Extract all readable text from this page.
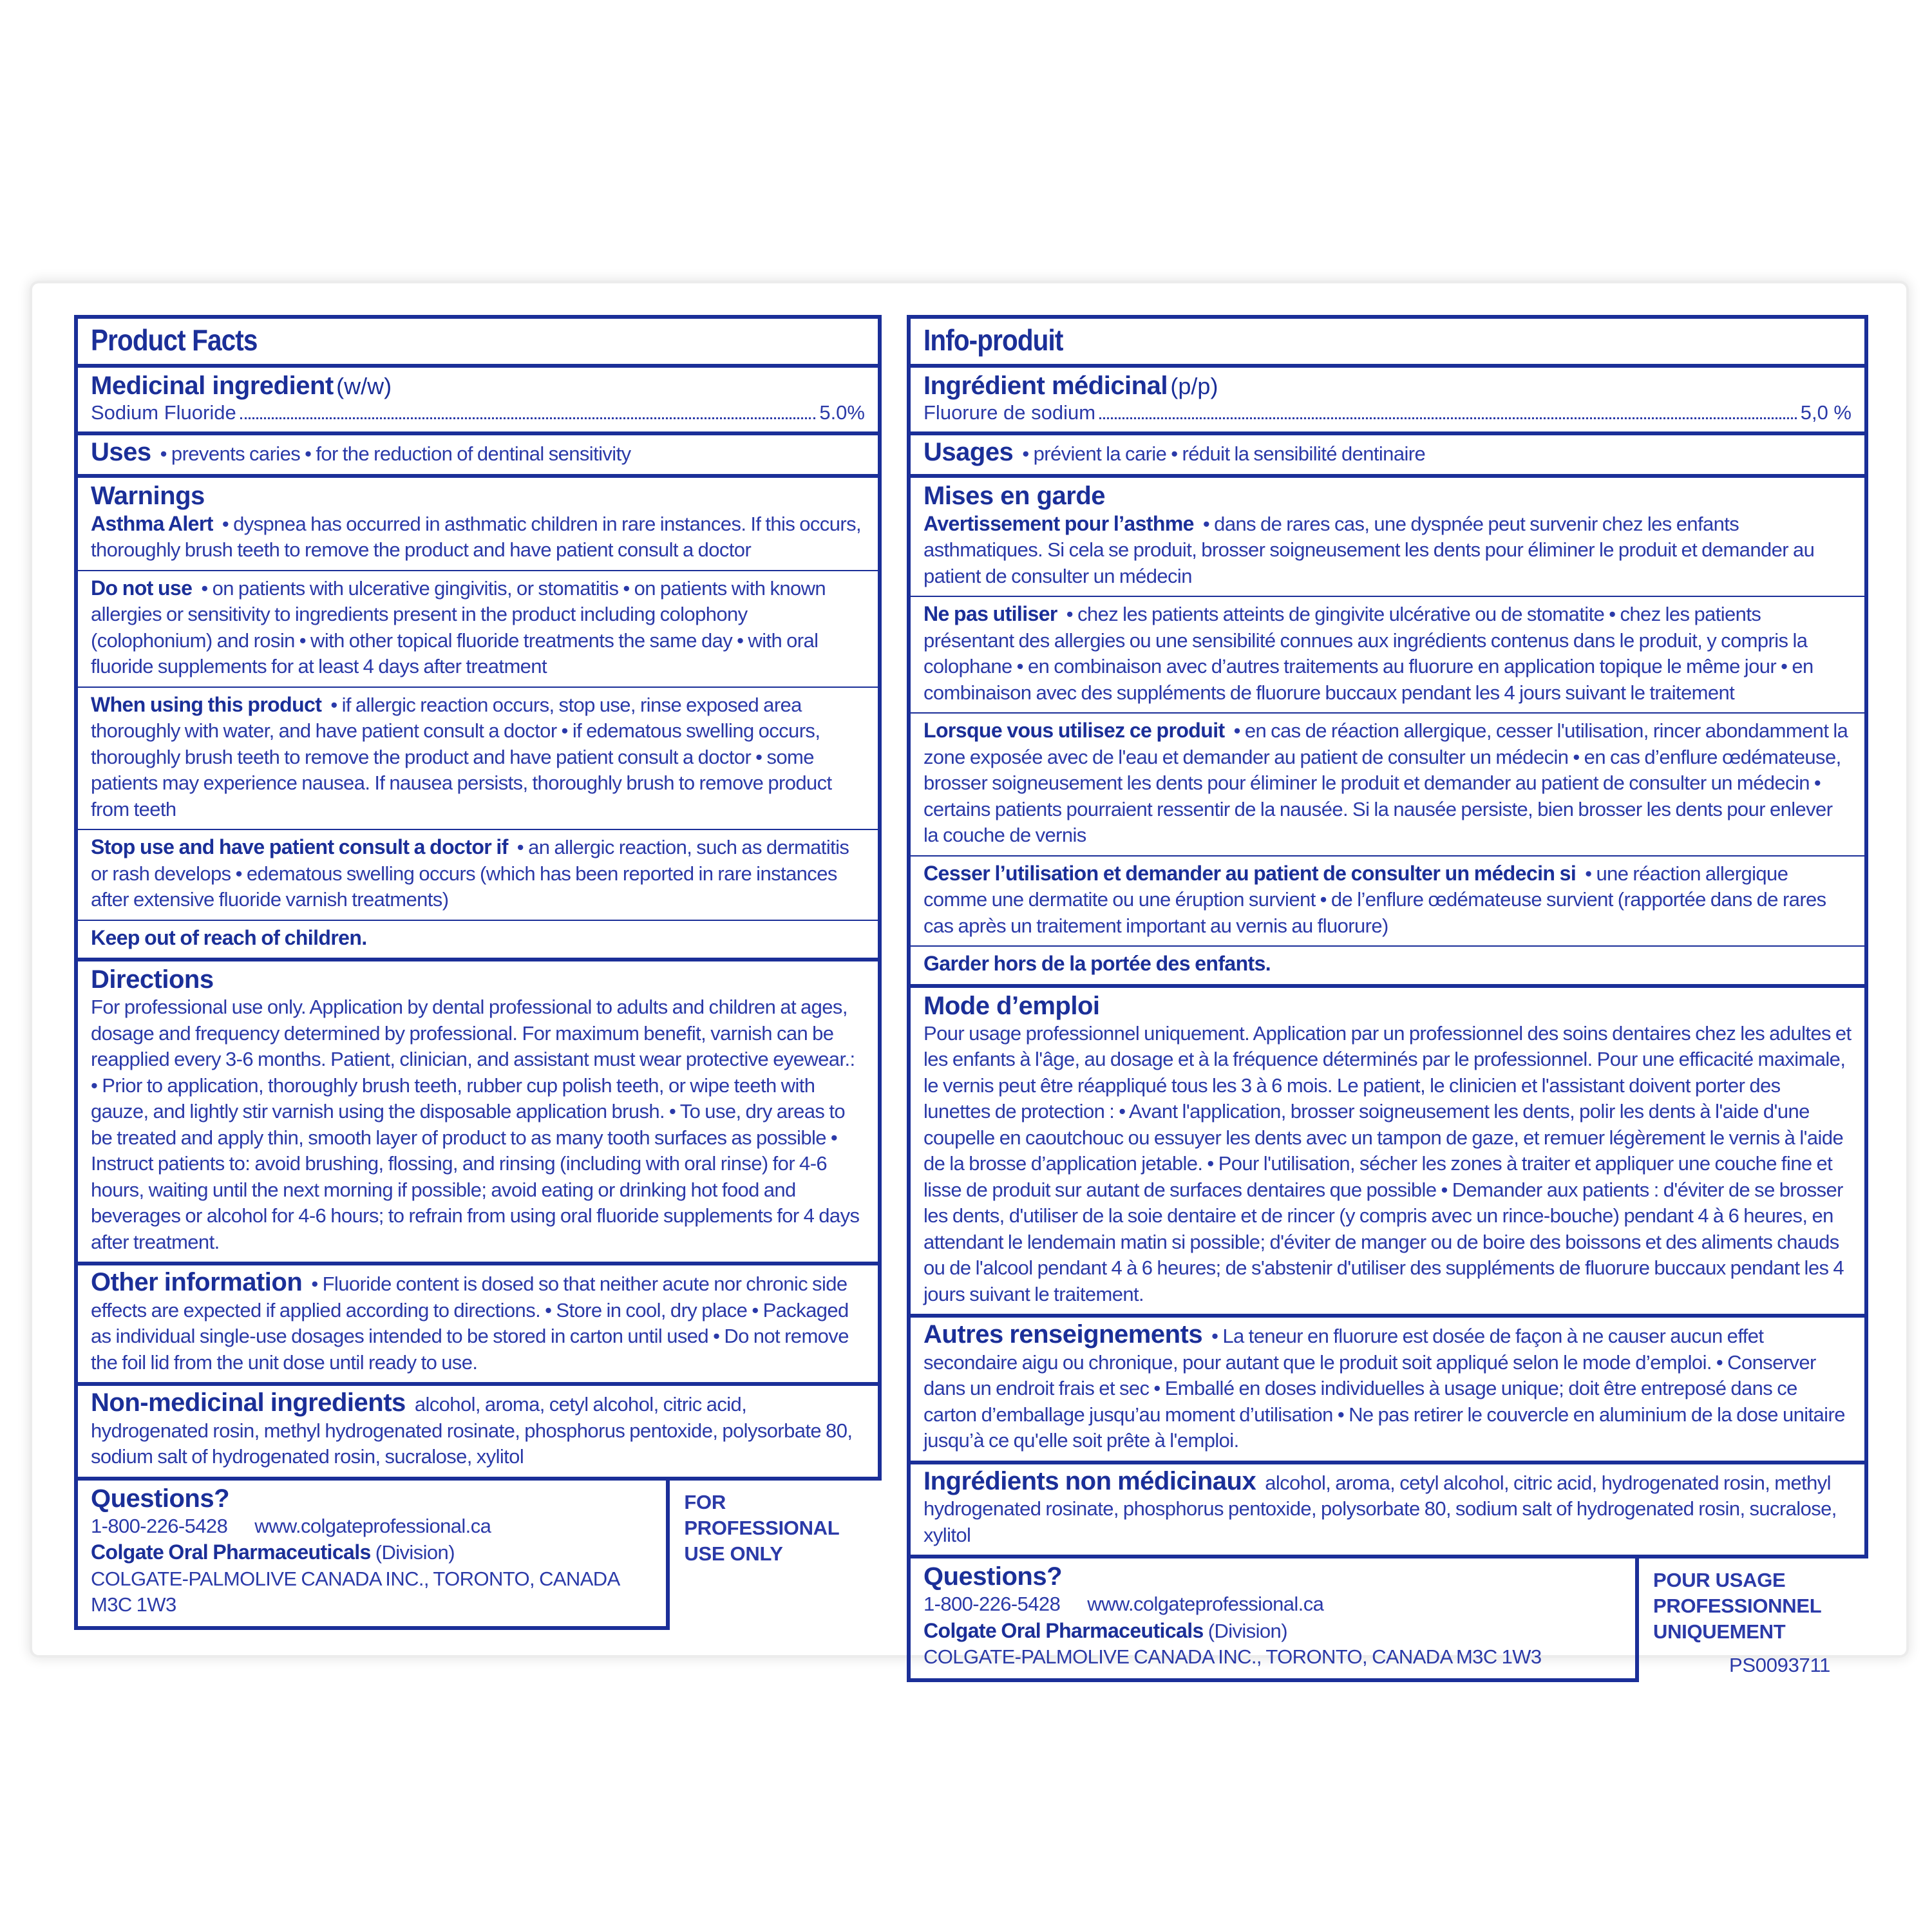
Product Facts
Medicinal ingredient (w/w)
Sodium Fluoride	5.0%
Uses • prevents caries • for the reduction of dentinal sensitivity
Warnings
Asthma Alert • dyspnea has occurred in asthmatic children in rare instances. If this occurs, thoroughly brush teeth to remove the product and have patient consult a doctor
Do not use • on patients with ulcerative gingivitis, or stomatitis • on patients with known allergies or sensitivity to ingredients present in the product including colophony (colophonium) and rosin • with other topical fluoride treatments the same day • with oral fluoride supplements for at least 4 days after treatment
When using this product • if allergic reaction occurs, stop use, rinse exposed area thoroughly with water, and have patient consult a doctor • if edematous swelling occurs, thoroughly brush teeth to remove the product and have patient consult a doctor • some patients may experience nausea. If nausea persists, thoroughly brush to remove product from teeth
Stop use and have patient consult a doctor if • an allergic reaction, such as dermatitis or rash develops • edematous swelling occurs (which has been reported in rare instances after extensive fluoride varnish treatments)
Keep out of reach of children.
Directions
For professional use only. Application by dental professional to adults and children at ages, dosage and frequency determined by professional. For maximum benefit, varnish can be reapplied every 3-6 months. Patient, clinician, and assistant must wear protective eyewear.: • Prior to application, thoroughly brush teeth, rubber cup polish teeth, or wipe teeth with gauze, and lightly stir varnish using the disposable application brush. • To use, dry areas to be treated and apply thin, smooth layer of product to as many tooth surfaces as possible • Instruct patients to: avoid brushing, flossing, and rinsing (including with oral rinse) for 4-6 hours, waiting until the next morning if possible; avoid eating or drinking hot food and beverages or alcohol for 4-6 hours; to refrain from using oral fluoride supplements for 4 days after treatment.
Other information • Fluoride content is dosed so that neither acute nor chronic side effects are expected if applied according to directions. • Store in cool, dry place • Packaged as individual single-use dosages intended to be stored in carton until used • Do not remove the foil lid from the unit dose until ready to use.
Non-medicinal ingredients alcohol, aroma, cetyl alcohol, citric acid, hydrogenated rosin, methyl hydrogenated rosinate, phosphorus pentoxide, polysorbate 80, sodium salt of hydrogenated rosin, sucralose, xylitol
Questions?
1-800-226-5428 www.colgateprofessional.ca
Colgate Oral Pharmaceuticals (Division)
COLGATE-PALMOLIVE CANADA INC., TORONTO, CANADA M3C 1W3
FOR PROFESSIONAL
USE ONLY
Info-produit
Ingrédient médicinal (p/p)
Fluorure de sodium	5,0 %
Usages • prévient la carie • réduit la sensibilité dentinaire
Mises en garde
Avertissement pour l’asthme • dans de rares cas, une dyspnée peut survenir chez les enfants asthmatiques. Si cela se produit, brosser soigneusement les dents pour éliminer le produit et demander au patient de consulter un médecin
Ne pas utiliser • chez les patients atteints de gingivite ulcérative ou de stomatite • chez les patients présentant des allergies ou une sensibilité connues aux ingrédients contenus dans le produit, y compris la colophane • en combinaison avec d’autres traitements au fluorure en application topique le même jour • en combinaison avec des suppléments de fluorure buccaux pendant les 4 jours suivant le traitement
Lorsque vous utilisez ce produit • en cas de réaction allergique, cesser l'utilisation, rincer abondamment la zone exposée avec de l'eau et demander au patient de consulter un médecin • en cas d’enflure œdémateuse, brosser soigneusement les dents pour éliminer le produit et demander au patient de consulter un médecin • certains patients pourraient ressentir de la nausée. Si la nausée persiste, bien brosser les dents pour enlever la couche de vernis
Cesser l’utilisation et demander au patient de consulter un médecin si • une réaction allergique comme une dermatite ou une éruption survient • de l’enflure œdémateuse survient (rapportée dans de rares cas après un traitement important au vernis au fluorure)
Garder hors de la portée des enfants.
Mode d’emploi
Pour usage professionnel uniquement. Application par un professionnel des soins dentaires chez les adultes et les enfants à l'âge, au dosage et à la fréquence déterminés par le professionnel. Pour une efficacité maximale, le vernis peut être réappliqué tous les 3 à 6 mois. Le patient, le clinicien et l'assistant doivent porter des lunettes de protection : • Avant l'application, brosser soigneusement les dents, polir les dents à l'aide d'une coupelle en caoutchouc ou essuyer les dents avec un tampon de gaze, et remuer légèrement le vernis à l'aide de la brosse d’application jetable. • Pour l'utilisation, sécher les zones à traiter et appliquer une couche fine et lisse de produit sur autant de surfaces dentaires que possible • Demander aux patients : d'éviter de se brosser les dents, d'utiliser de la soie dentaire et de rincer (y compris avec un rince-bouche) pendant 4 à 6 heures, en attendant le lendemain matin si possible; d'éviter de manger ou de boire des boissons et des aliments chauds ou de l'alcool pendant 4 à 6 heures; de s'abstenir d'utiliser des suppléments de fluorure buccaux pendant les 4 jours suivant le traitement.
Autres renseignements • La teneur en fluorure est dosée de façon à ne causer aucun effet secondaire aigu ou chronique, pour autant que le produit soit appliqué selon le mode d’emploi. • Conserver dans un endroit frais et sec • Emballé en doses individuelles à usage unique; doit être entreposé dans ce carton d’emballage jusqu’au moment d’utilisation • Ne pas retirer le couvercle en aluminium de la dose unitaire jusqu’à ce qu'elle soit prête à l'emploi.
Ingrédients non médicinaux alcohol, aroma, cetyl alcohol, citric acid, hydrogenated rosin, methyl hydrogenated rosinate, phosphorus pentoxide, polysorbate 80, sodium salt of hydrogenated rosin, sucralose, xylitol
Questions?
1-800-226-5428 www.colgateprofessional.ca
Colgate Oral Pharmaceuticals (Division)
COLGATE-PALMOLIVE CANADA INC., TORONTO, CANADA M3C 1W3
POUR USAGE
PROFESSIONNEL
UNIQUEMENT
PS0093711
